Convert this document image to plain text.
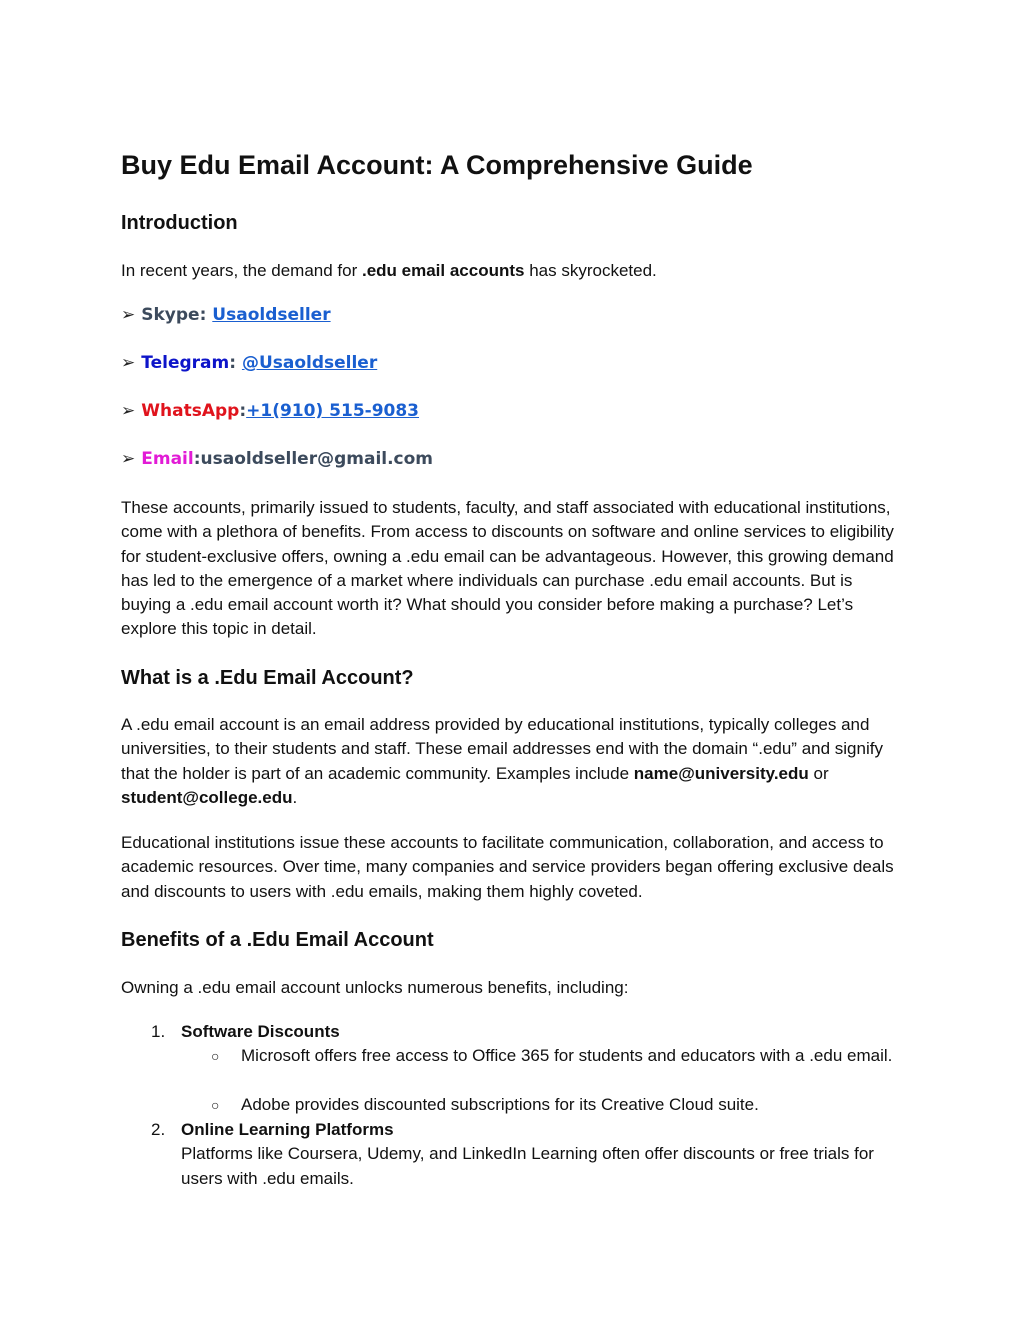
Buy Edu Email Account: A Comprehensive Guide
Introduction

In recent years, the demand for .edu email accounts has skyrocketed.

➢ Skype: Usaoldseller
➢ Telegram: @Usaoldseller
➢ WhatsApp:+1(910) 515-9083
➢ Email:usaoldseller@gmail.com

These accounts, primarily issued to students, faculty, and staff associated with educational institutions, come with a plethora of benefits. From access to discounts on software and online services to eligibility for student-exclusive offers, owning a .edu email can be advantageous. However, this growing demand has led to the emergence of a market where individuals can purchase .edu email accounts. But is buying a .edu email account worth it? What should you consider before making a purchase? Let’s explore this topic in detail.

What is a .Edu Email Account?

A .edu email account is an email address provided by educational institutions, typically colleges and universities, to their students and staff. These email addresses end with the domain “.edu” and signify that the holder is part of an academic community. Examples include name@university.edu or student@college.edu.

Educational institutions issue these accounts to facilitate communication, collaboration, and access to academic resources. Over time, many companies and service providers began offering exclusive deals and discounts to users with .edu emails, making them highly coveted.

Benefits of a .Edu Email Account

Owning a .edu email account unlocks numerous benefits, including:

1. Software Discounts
○ Microsoft offers free access to Office 365 for students and educators with a .edu email.
○ Adobe provides discounted subscriptions for its Creative Cloud suite.
2. Online Learning Platforms
Platforms like Coursera, Udemy, and LinkedIn Learning often offer discounts or free trials for users with .edu emails.
